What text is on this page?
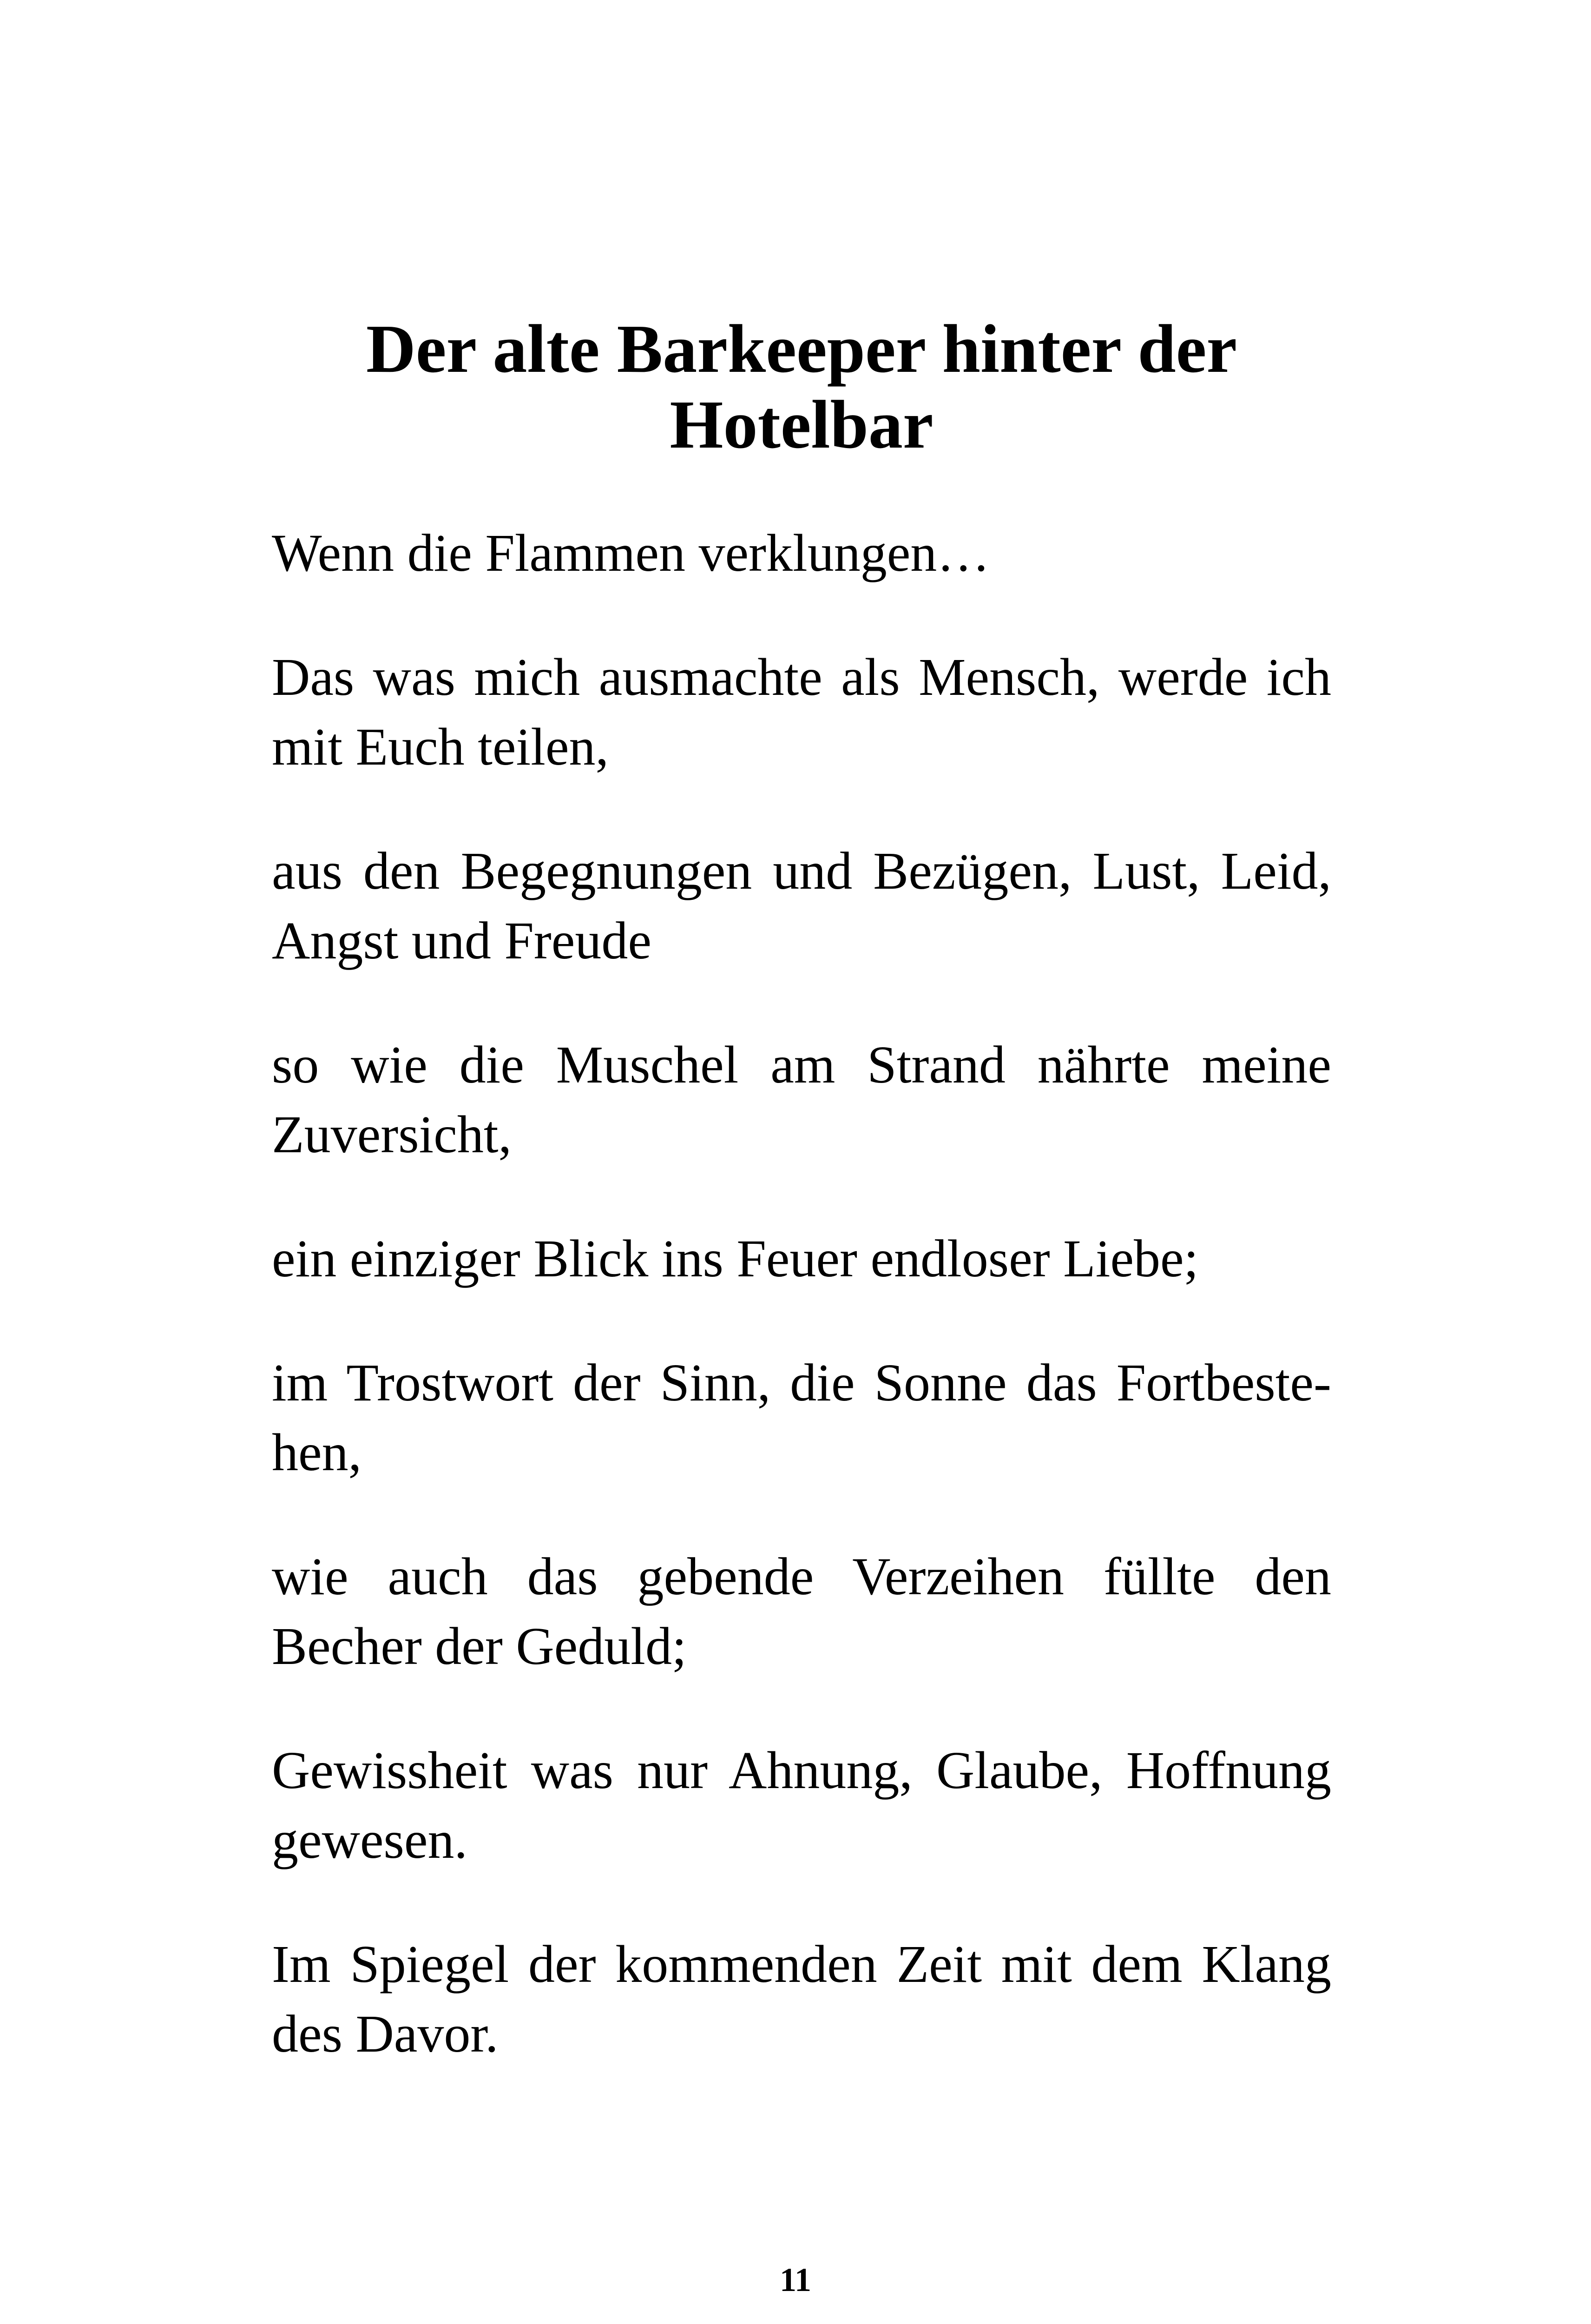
Der alte Barkeeper hinter der Hotelbar

Wenn die Flammen verklungen…

Das was mich ausmachte als Mensch, werde ich mit Euch teilen,

aus den Begegnungen und Bezügen, Lust, Leid, Angst und Freude

so wie die Muschel am Strand nährte meine Zuversicht,

ein einziger Blick ins Feuer endloser Liebe;

im Trostwort der Sinn, die Sonne das Fortbeste-hen,

wie auch das gebende Verzeihen füllte den Becher der Geduld;

Gewissheit was nur Ahnung, Glaube, Hoffnung gewesen.

Im Spiegel der kommenden Zeit mit dem Klang des Davor.

11
